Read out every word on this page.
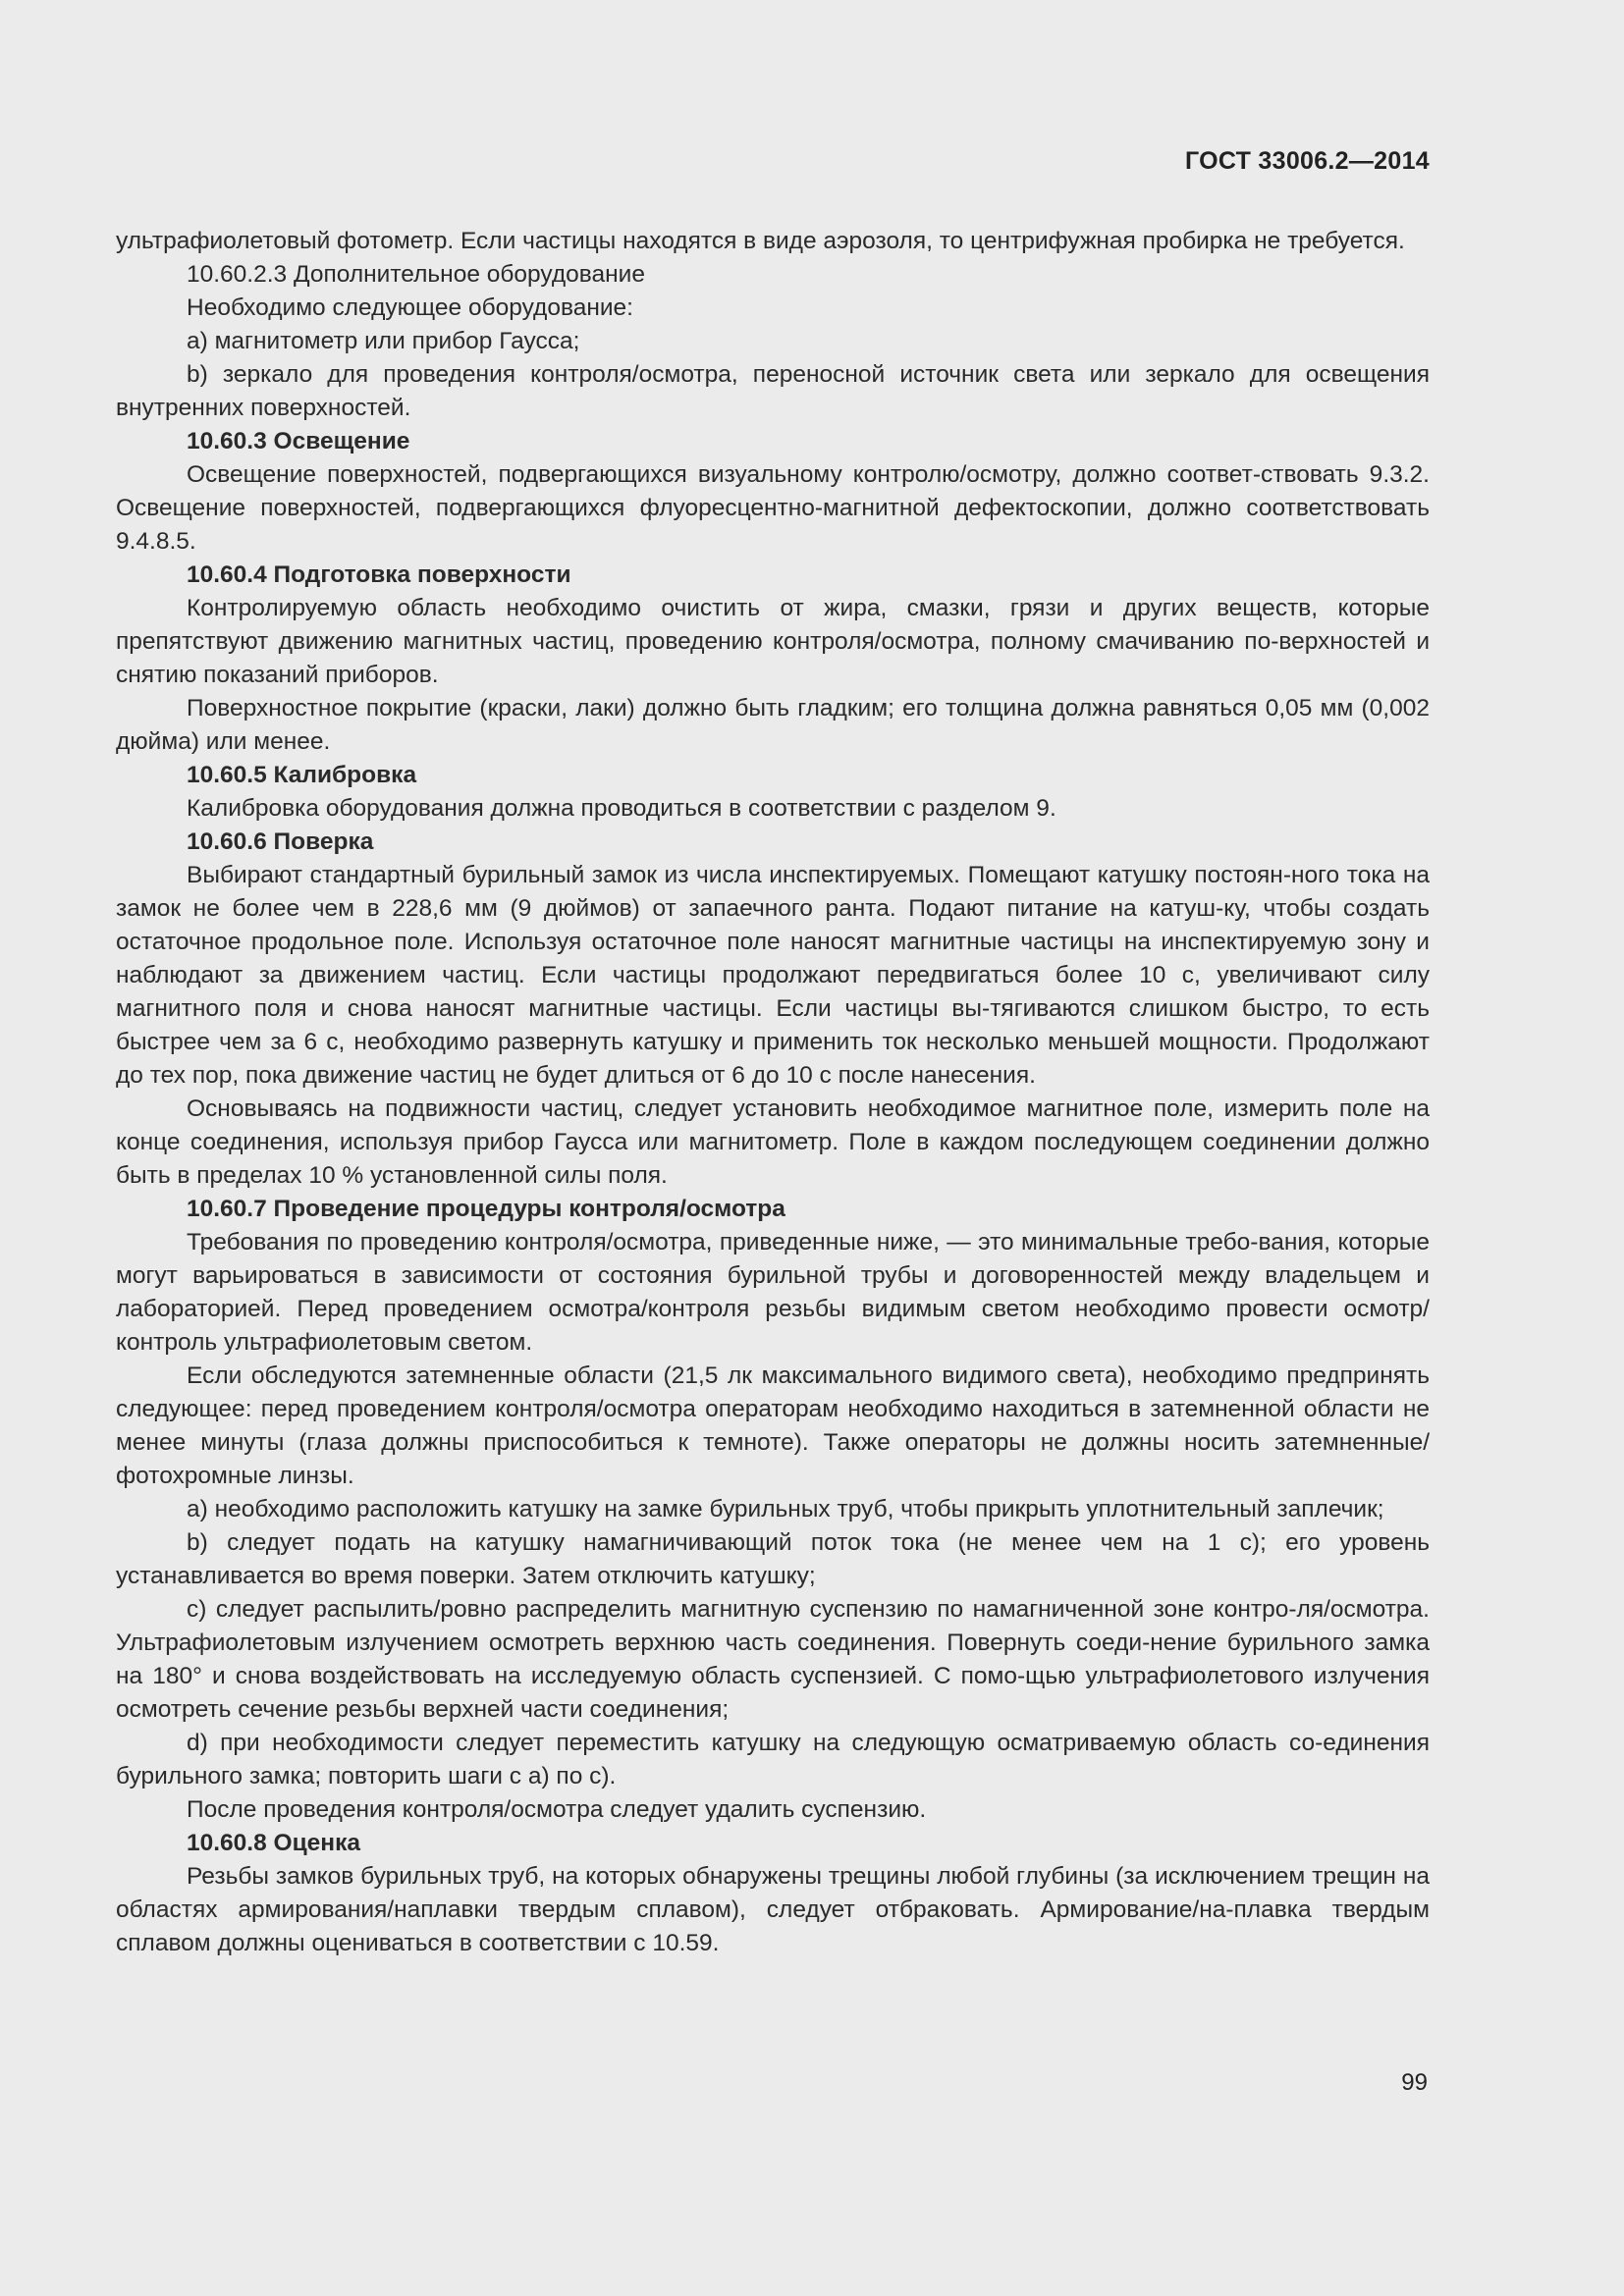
ГОСТ 33006.2—2014

ультрафиолетовый фотометр. Если частицы находятся в виде аэрозоля, то центрифужная пробирка не требуется.

10.60.2.3 Дополнительное оборудование

Необходимо следующее оборудование:

а) магнитометр или прибор Гаусса;

b) зеркало для проведения контроля/осмотра, переносной источник света или зеркало для освещения внутренних поверхностей.

10.60.3 Освещение

Освещение поверхностей, подвергающихся визуальному контролю/осмотру, должно соответ-ствовать 9.3.2. Освещение поверхностей, подвергающихся флуоресцентно-магнитной дефектоскопии, должно соответствовать 9.4.8.5.

10.60.4 Подготовка поверхности

Контролируемую область необходимо очистить от жира, смазки, грязи и других веществ, которые препятствуют движению магнитных частиц, проведению контроля/осмотра, полному смачиванию по-верхностей и снятию показаний приборов.

Поверхностное покрытие (краски, лаки) должно быть гладким; его толщина должна равняться 0,05 мм (0,002 дюйма) или менее.

10.60.5 Калибровка

Калибровка оборудования должна проводиться в соответствии с разделом 9.

10.60.6 Поверка

Выбирают стандартный бурильный замок из числа инспектируемых. Помещают катушку постоян-ного тока на замок не более чем в 228,6 мм (9 дюймов) от запаечного ранта. Подают питание на катуш-ку, чтобы создать остаточное продольное поле. Используя остаточное поле наносят магнитные частицы на инспектируемую зону и наблюдают за движением частиц. Если частицы продолжают передвигаться более 10 с, увеличивают силу магнитного поля и снова наносят магнитные частицы. Если частицы вы-тягиваются слишком быстро, то есть быстрее чем за 6 с, необходимо развернуть катушку и применить ток несколько меньшей мощности. Продолжают до тех пор, пока движение частиц не будет длиться от 6 до 10 с после нанесения.

Основываясь на подвижности частиц, следует установить необходимое магнитное поле, измерить поле на конце соединения, используя прибор Гаусса или магнитометр. Поле в каждом последующем соединении должно быть в пределах 10 % установленной силы поля.

10.60.7 Проведение процедуры контроля/осмотра

Требования по проведению контроля/осмотра, приведенные ниже, — это минимальные требо-вания, которые могут варьироваться в зависимости от состояния бурильной трубы и договоренностей между владельцем и лабораторией. Перед проведением осмотра/контроля резьбы видимым светом необходимо провести осмотр/контроль ультрафиолетовым светом.

Если обследуются затемненные области (21,5 лк максимального видимого света), необходимо предпринять следующее: перед проведением контроля/осмотра операторам необходимо находиться в затемненной области не менее минуты (глаза должны приспособиться к темноте). Также операторы не должны носить затемненные/фотохромные линзы.

а) необходимо расположить катушку на замке бурильных труб, чтобы прикрыть уплотнительный заплечик;

b) следует подать на катушку намагничивающий поток тока (не менее чем на 1 с); его уровень устанавливается во время поверки. Затем отключить катушку;

c) следует распылить/ровно распределить магнитную суспензию по намагниченной зоне контро-ля/осмотра. Ультрафиолетовым излучением осмотреть верхнюю часть соединения. Повернуть соеди-нение бурильного замка на 180° и снова воздействовать на исследуемую область суспензией. С помо-щью ультрафиолетового излучения осмотреть сечение резьбы верхней части соединения;

d) при необходимости следует переместить катушку на следующую осматриваемую область со-единения бурильного замка; повторить шаги с а) по с).

После проведения контроля/осмотра следует удалить суспензию.

10.60.8 Оценка

Резьбы замков бурильных труб, на которых обнаружены трещины любой глубины (за исключением трещин на областях армирования/наплавки твердым сплавом), следует отбраковать. Армирование/на-плавка твердым сплавом должны оцениваться в соответствии с 10.59.

99
